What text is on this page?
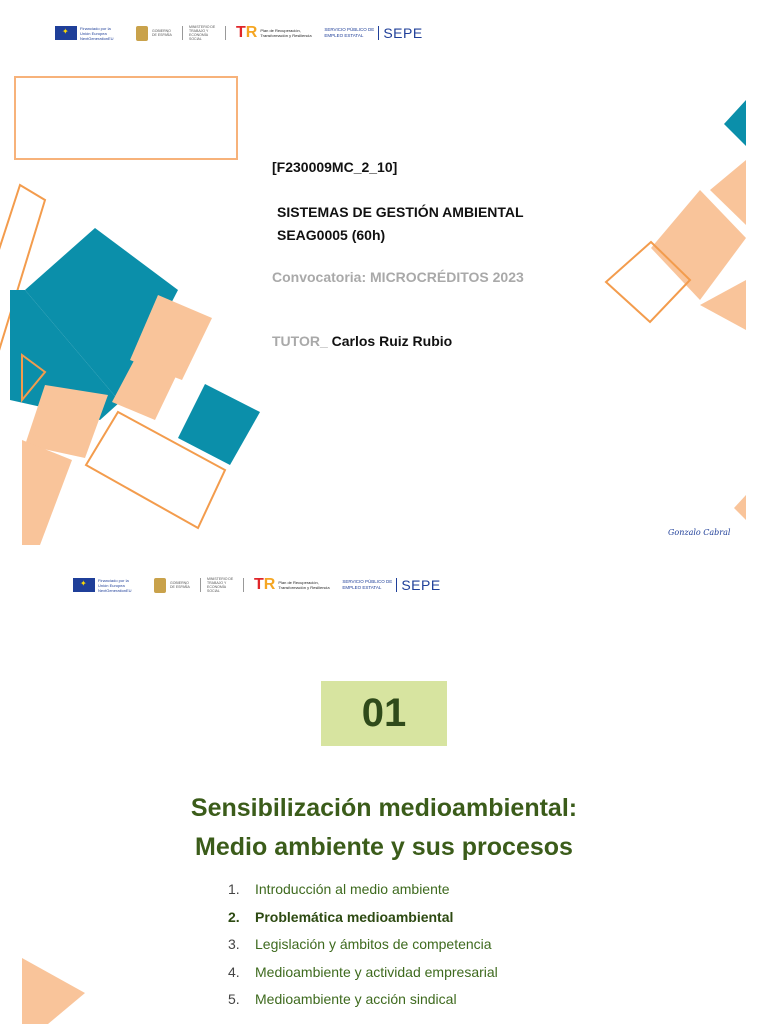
✦
Financiado por la Unión Europea NextGenerationEU
GOBIERNO DE ESPAÑA
MINISTERIO DE TRABAJO Y ECONOMÍA SOCIAL	TR Plan de Recuperación, Transformación y Resiliencia
SERVICIO PÚBLICO DE EMPLEO ESTATAL	SEPE
[F230009MC_2_10]
SISTEMAS DE GESTIÓN AMBIENTAL
SEAG0005 (60h)
Convocatoria: MICROCRÉDITOS 2023
TUTOR_ Carlos Ruiz Rubio
Gonzalo Cabral
✦
Financiado por la Unión Europea NextGenerationEU
GOBIERNO DE ESPAÑA
MINISTERIO DE TRABAJO Y ECONOMÍA SOCIAL	TR Plan de Recuperación, Transformación y Resiliencia
SERVICIO PÚBLICO DE EMPLEO ESTATAL	SEPE
01
Sensibilización medioambiental:
Medio ambiente y sus procesos
1. Introducción al medio ambiente
2. Problemática medioambiental
3. Legislación y ámbitos de competencia
4. Medioambiente y actividad empresarial
5. Medioambiente y acción sindical
